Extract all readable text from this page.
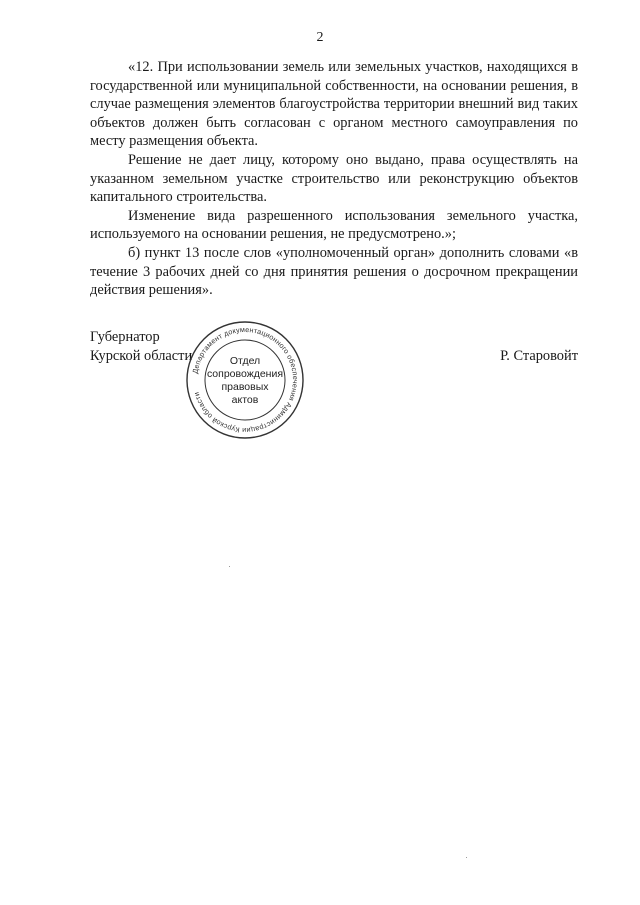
2

«12. При использовании земель или земельных участков, находящихся в государственной или муниципальной собственности, на основании решения, в случае размещения элементов благоустройства территории внешний вид таких объектов должен быть согласован с органом местного самоуправления по месту размещения объекта.

Решение не дает лицу, которому оно выдано, права осуществлять на указанном земельном участке строительство или реконструкцию объектов капитального строительства.

Изменение вида разрешенного использования земельного участка, используемого на основании решения, не предусмотрено.»;

б) пункт 13 после слов «уполномоченный орган» дополнить словами «в течение 3 рабочих дней со дня принятия решения о досрочном прекращении действия решения».

Губернатор
Курской области	Р. Старовойт
Департамент документационного обеспечения Администрации Курской области
Отдел
сопровождения
правовых
актов
